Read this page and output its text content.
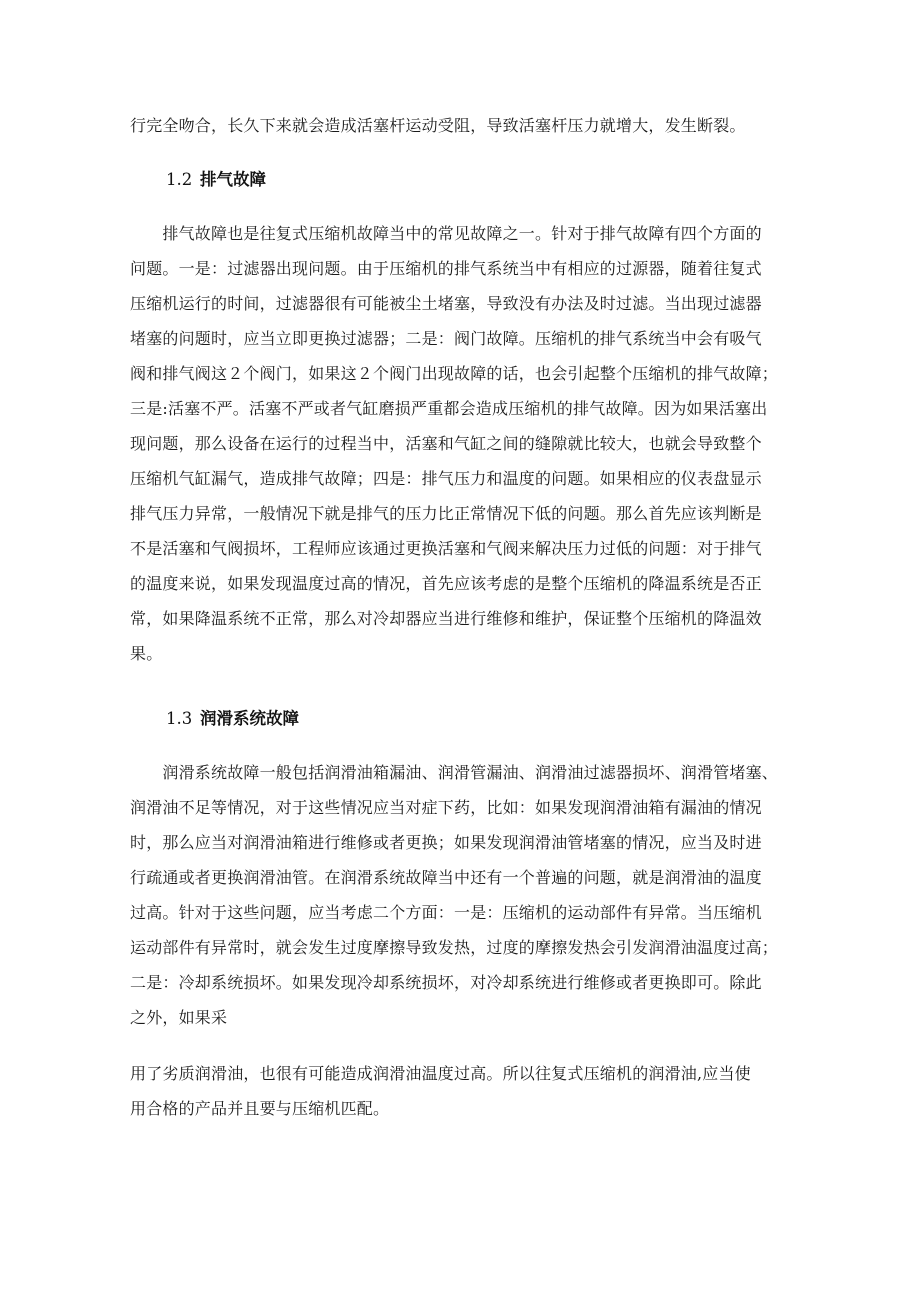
行完全吻合，长久下来就会造成活塞杆运动受阻，导致活塞杆压力就增大，发生断裂。
1.2 排气故障
　　排气故障也是往复式压缩机故障当中的常见故障之一。针对于排气故障有四个方面的
问题。一是：过滤器出现问题。由于压缩机的排气系统当中有相应的过源器，随着往复式
压缩机运行的时间，过滤器很有可能被尘土堵塞，导致没有办法及时过滤。当出现过滤器
堵塞的问题时，应当立即更换过滤器；二是：阀门故障。压缩机的排气系统当中会有吸气
阀和排气阀这２个阀门，如果这２个阀门出现故障的话，也会引起整个压缩机的排气故障；
三是:活塞不严。活塞不严或者气缸磨损严重都会造成压缩机的排气故障。因为如果活塞出
现问题，那么设备在运行的过程当中，活塞和气缸之间的缝隙就比较大，也就会导致整个
压缩机气缸漏气，造成排气故障；四是：排气压力和温度的问题。如果相应的仪表盘显示
排气压力异常，一般情况下就是排气的压力比正常情况下低的问题。那么首先应该判断是
不是活塞和气阀损坏，工程师应该通过更换活塞和气阀来解决压力过低的问题：对于排气
的温度来说，如果发现温度过高的情况，首先应该考虑的是整个压缩机的降温系统是否正
常，如果降温系统不正常，那么对冷却器应当进行维修和维护，保证整个压缩机的降温效
果。
1.3 润滑系统故障
　　润滑系统故障一般包括润滑油箱漏油、润滑管漏油、润滑油过滤器损坏、润滑管堵塞、
润滑油不足等情况，对于这些情况应当对症下药，比如：如果发现润滑油箱有漏油的情况
时，那么应当对润滑油箱进行维修或者更换；如果发现润滑油管堵塞的情况，应当及时进
行疏通或者更换润滑油管。在润滑系统故障当中还有一个普遍的问题，就是润滑油的温度
过高。针对于这些问题，应当考虑二个方面：一是：压缩机的运动部件有异常。当压缩机
运动部件有异常时，就会发生过度摩擦导致发热，过度的摩擦发热会引发润滑油温度过高；
二是：冷却系统损坏。如果发现冷却系统损坏，对冷却系统进行维修或者更换即可。除此
之外，如果采
用了劣质润滑油，也很有可能造成润滑油温度过高。所以往复式压缩机的润滑油,应当使
用合格的产品并且要与压缩机匹配。
